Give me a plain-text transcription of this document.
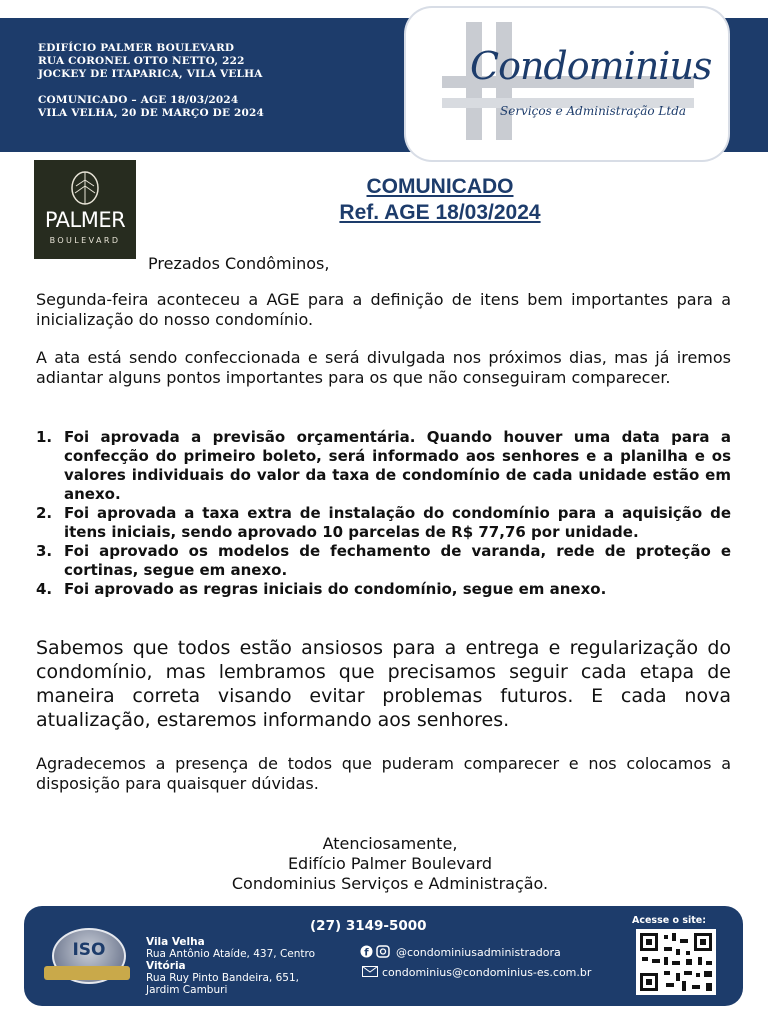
EDIFÍCIO PALMER BOULEVARD
RUA CORONEL OTTO NETTO, 222
JOCKEY DE ITAPARICA, VILA VELHA
COMUNICADO – AGE 18/03/2024
VILA VELHA, 20 DE MARÇO DE 2024
Condominius
Serviços e Administração Ltda
PALMER
BOULEVARD
COMUNICADO
Ref. AGE 18/03/2024
Prezados Condôminos,
Segunda-feira aconteceu a AGE para a definição de itens bem importantes para a inicialização do nosso condomínio.
A ata está sendo confeccionada e será divulgada nos próximos dias, mas já iremos adiantar alguns pontos importantes para os que não conseguiram comparecer.
1. Foi aprovada a previsão orçamentária. Quando houver uma data para a confecção do primeiro boleto, será informado aos senhores e a planilha e os valores individuais do valor da taxa de condomínio de cada unidade estão em anexo.
2. Foi aprovada a taxa extra de instalação do condomínio para a aquisição de itens iniciais, sendo aprovado 10 parcelas de R$ 77,76 por unidade.
3. Foi aprovado os modelos de fechamento de varanda, rede de proteção e cortinas, segue em anexo.
4. Foi aprovado as regras iniciais do condomínio, segue em anexo.
Sabemos que todos estão ansiosos para a entrega e regularização do condomínio, mas lembramos que precisamos seguir cada etapa de maneira correta visando evitar problemas futuros. E cada nova atualização, estaremos informando aos senhores.
Agradecemos a presença de todos que puderam comparecer e nos colocamos a disposição para quaisquer dúvidas.
Atenciosamente,
Edifício Palmer Boulevard
Condominius Serviços e Administração.
ISO
(27) 3149-5000
Vila Velha
Rua Antônio Ataíde, 437, Centro
Vitória
Rua Ruy Pinto Bandeira, 651,
Jardim Camburi
f @condominiusadministradora
condominius@condominius-es.com.br
Acesse o site:
